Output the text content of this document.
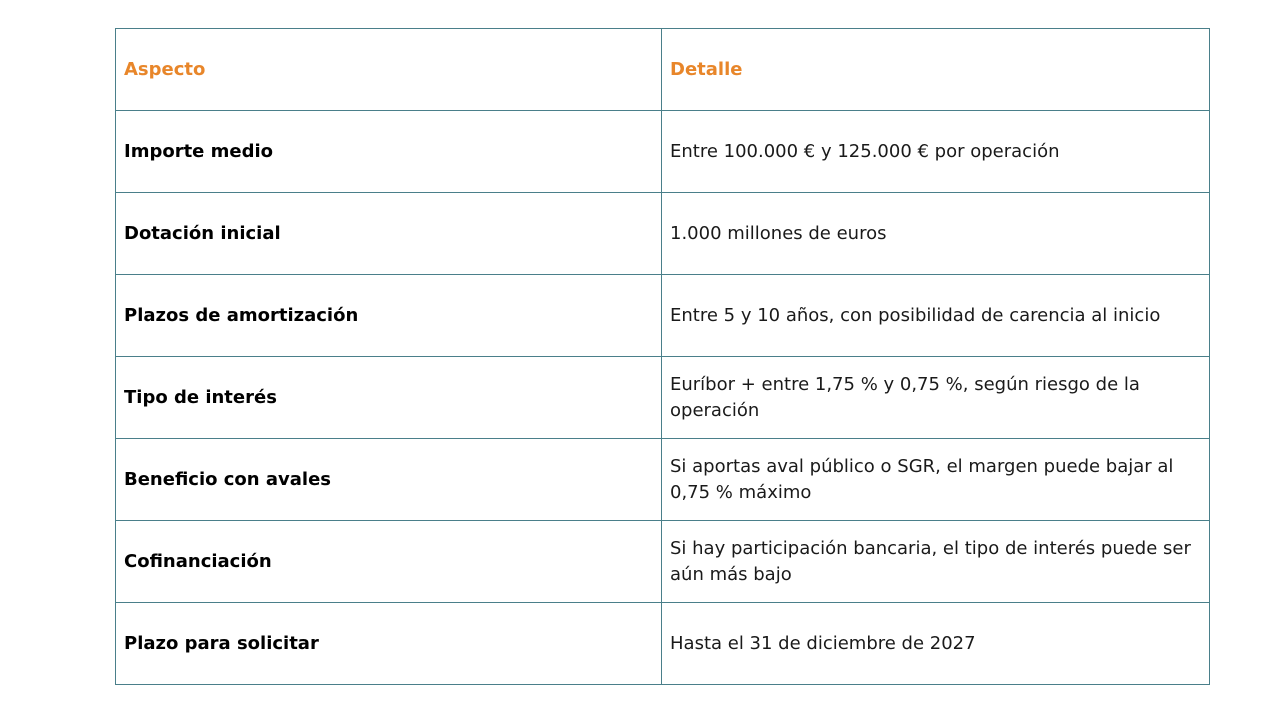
Aspecto	Detalle
Importe medio	Entre 100.000 € y 125.000 € por operación
Dotación inicial	1.000 millones de euros
Plazos de amortización	Entre 5 y 10 años, con posibilidad de carencia al inicio
Tipo de interés	Euríbor + entre 1,75 % y 0,75 %, según riesgo de la operación
Beneficio con avales	Si aportas aval público o SGR, el margen puede bajar al 0,75 % máximo
Cofinanciación	Si hay participación bancaria, el tipo de interés puede ser aún más bajo
Plazo para solicitar	Hasta el 31 de diciembre de 2027
